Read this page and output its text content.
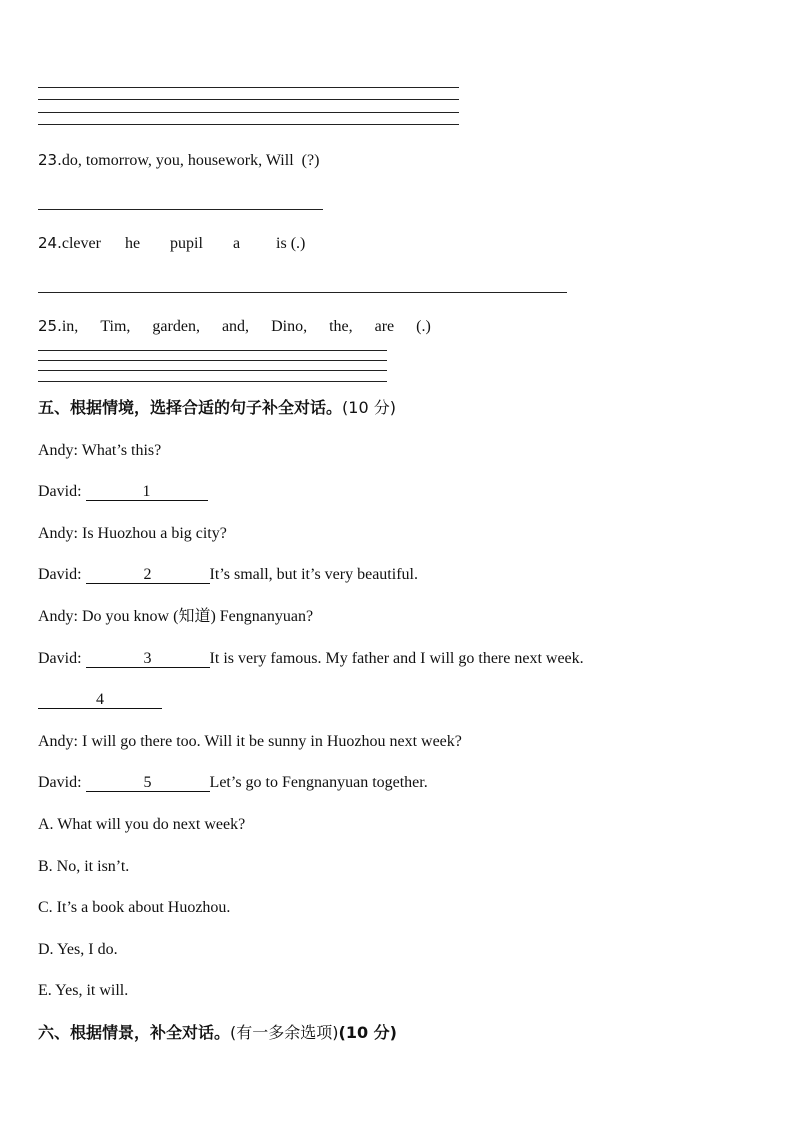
23.do, tomorrow, you, housework, Will (?)
24.clever he pupil a is (.)
25.in, Tim, garden, and, Dino, the, are (.)
五、根据情境，选择合适的句子补全对话。(10 分)
Andy: What’s this?
David:	1
Andy: Is Huozhou a big city?
David:	2	It’s small, but it’s very beautiful.
Andy: Do you know (知道) Fengnanyuan?
David:	3	It is very famous. My father and I will go there next week.
4
Andy: I will go there too. Will it be sunny in Huozhou next week?
David:	5	Let’s go to Fengnanyuan together.
A. What will you do next week?
B. No, it isn’t.
C. It’s a book about Huozhou.
D. Yes, I do.
E. Yes, it will.
六、根据情景，补全对话。(有一多余选项)(10 分)
